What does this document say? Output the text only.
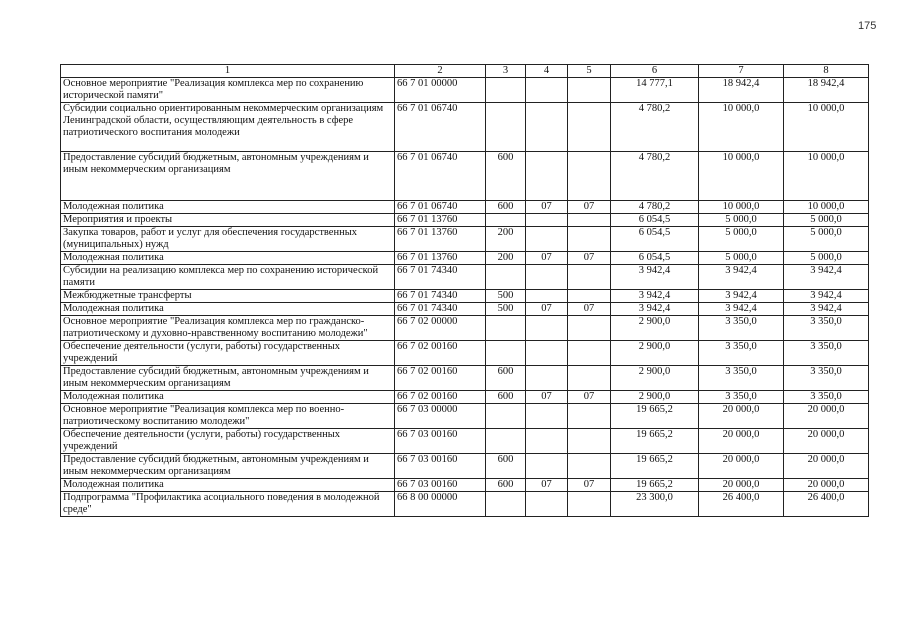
175
1	2	3	4	5	6	7	8
Основное мероприятие "Реализация комплекса мер по сохранению исторической памяти"	66 7 01 00000				14 777,1	18 942,4	18 942,4
Субсидии социально ориентированным некоммерческим организациям Ленинградской области, осуществляющим деятельность в сфере патриотического воспитания молодежи	66 7 01 06740				4 780,2	10 000,0	10 000,0
Предоставление субсидий бюджетным, автономным учреждениям и иным некоммерческим организациям	66 7 01 06740	600			4 780,2	10 000,0	10 000,0
Молодежная политика	66 7 01 06740	600	07	07	4 780,2	10 000,0	10 000,0
Мероприятия и проекты	66 7 01 13760				6 054,5	5 000,0	5 000,0
Закупка товаров, работ и услуг для обеспечения государственных (муниципальных) нужд	66 7 01 13760	200			6 054,5	5 000,0	5 000,0
Молодежная политика	66 7 01 13760	200	07	07	6 054,5	5 000,0	5 000,0
Субсидии на реализацию комплекса мер по сохранению исторической памяти	66 7 01 74340				3 942,4	3 942,4	3 942,4
Межбюджетные трансферты	66 7 01 74340	500			3 942,4	3 942,4	3 942,4
Молодежная политика	66 7 01 74340	500	07	07	3 942,4	3 942,4	3 942,4
Основное мероприятие "Реализация комплекса мер по гражданско-патриотическому и духовно-нравственному воспитанию молодежи"	66 7 02 00000				2 900,0	3 350,0	3 350,0
Обеспечение деятельности (услуги, работы) государственных учреждений	66 7 02 00160				2 900,0	3 350,0	3 350,0
Предоставление субсидий бюджетным, автономным учреждениям и иным некоммерческим организациям	66 7 02 00160	600			2 900,0	3 350,0	3 350,0
Молодежная политика	66 7 02 00160	600	07	07	2 900,0	3 350,0	3 350,0
Основное мероприятие "Реализация комплекса мер по военно-патриотическому воспитанию молодежи"	66 7 03 00000				19 665,2	20 000,0	20 000,0
Обеспечение деятельности (услуги, работы) государственных учреждений	66 7 03 00160				19 665,2	20 000,0	20 000,0
Предоставление субсидий бюджетным, автономным учреждениям и иным некоммерческим организациям	66 7 03 00160	600			19 665,2	20 000,0	20 000,0
Молодежная политика	66 7 03 00160	600	07	07	19 665,2	20 000,0	20 000,0
Подпрограмма "Профилактика асоциального поведения в молодежной среде"	66 8 00 00000				23 300,0	26 400,0	26 400,0
